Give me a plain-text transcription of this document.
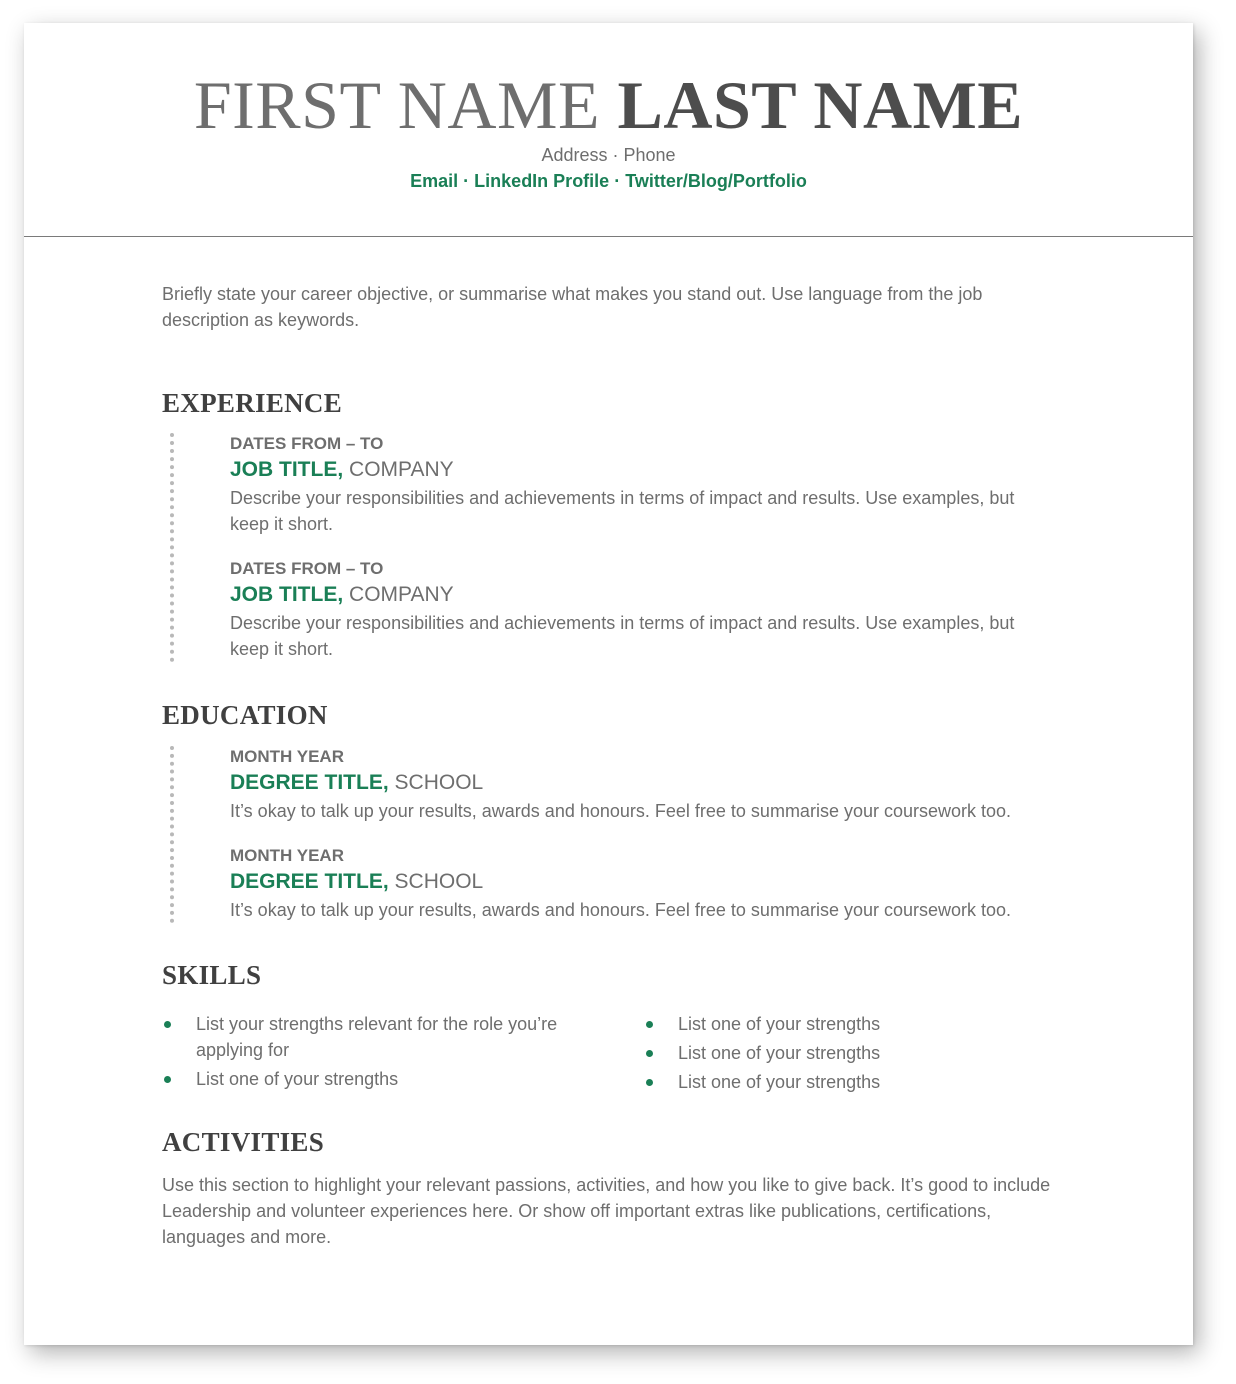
FIRST NAME LAST NAME
Address · Phone
Email · LinkedIn Profile · Twitter/Blog/Portfolio

Briefly state your career objective, or summarise what makes you stand out. Use language from the job description as keywords.

EXPERIENCE

DATES FROM – TO

JOB TITLE, COMPANY

Describe your responsibilities and achievements in terms of impact and results. Use examples, but keep it short.

DATES FROM – TO

JOB TITLE, COMPANY

Describe your responsibilities and achievements in terms of impact and results. Use examples, but keep it short.

EDUCATION

MONTH YEAR

DEGREE TITLE, SCHOOL

It’s okay to talk up your results, awards and honours. Feel free to summarise your coursework too.

MONTH YEAR

DEGREE TITLE, SCHOOL

It’s okay to talk up your results, awards and honours. Feel free to summarise your coursework too.

SKILLS
List your strengths relevant for the role you’re applying for
List one of your strengths
List one of your strengths
List one of your strengths
List one of your strengths
ACTIVITIES

Use this section to highlight your relevant passions, activities, and how you like to give back. It’s good to include Leadership and volunteer experiences here. Or show off important extras like publications, certifications, languages and more.
